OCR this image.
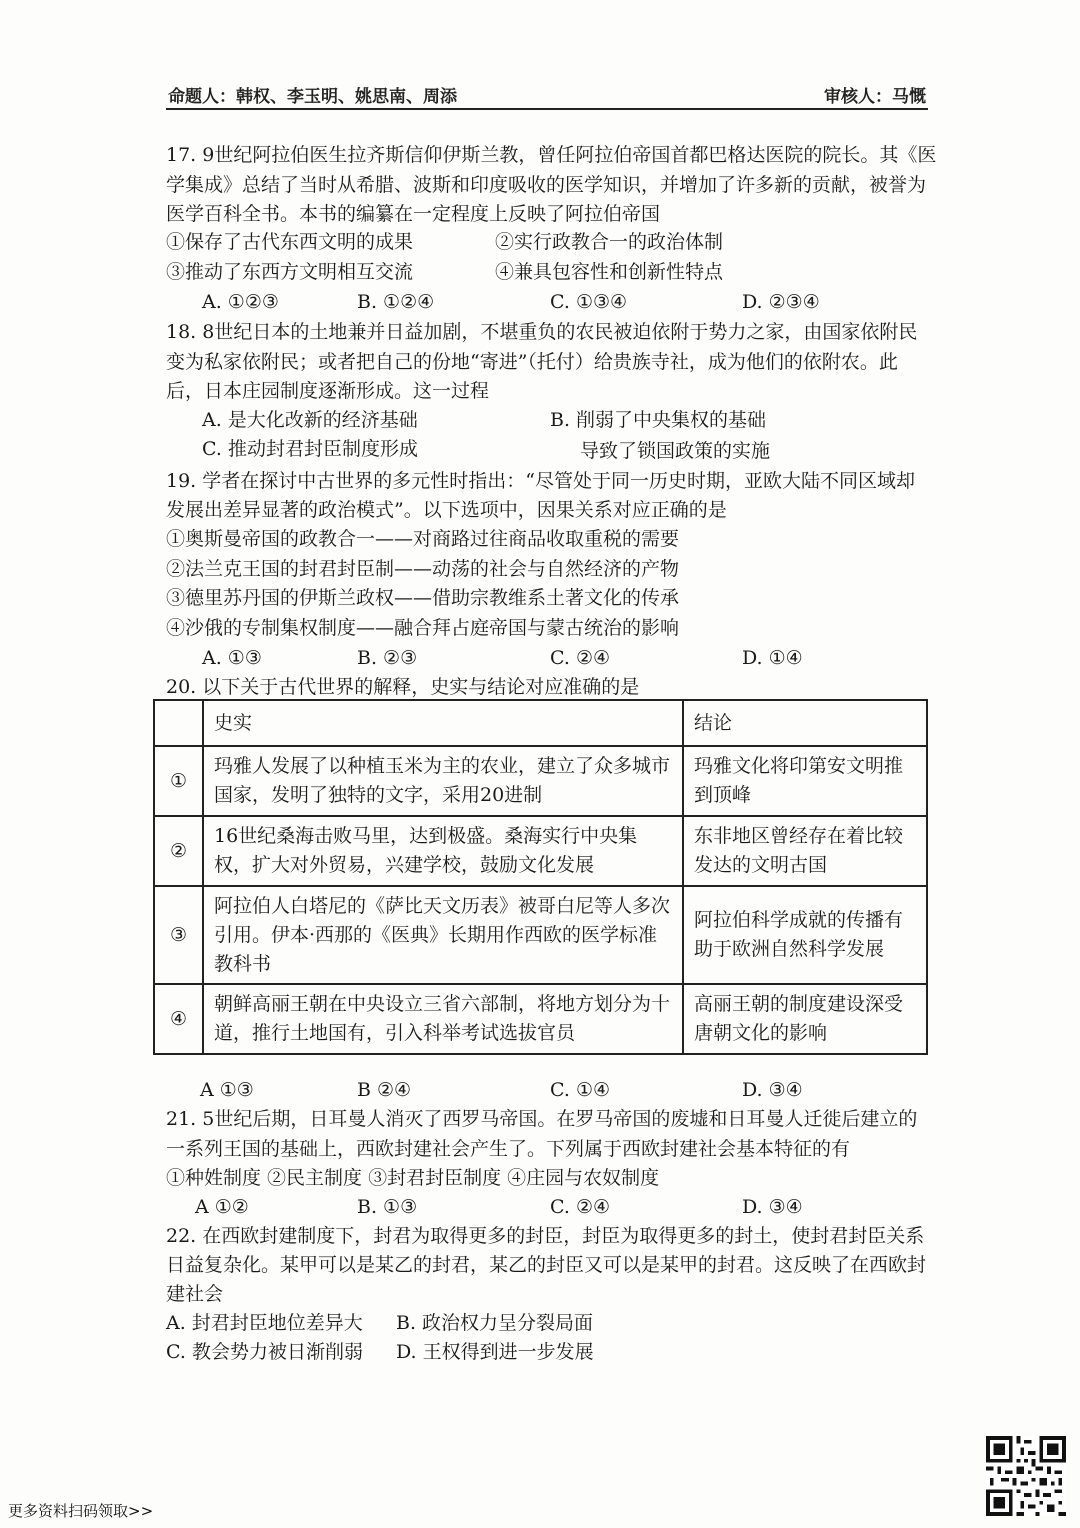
命题人：韩权、李玉明、姚思南、周添	审核人：马慨
17. 9世纪阿拉伯医生拉齐斯信仰伊斯兰教，曾任阿拉伯帝国首都巴格达医院的院长。其《医
学集成》总结了当时从希腊、波斯和印度吸收的医学知识，并增加了许多新的贡献，被誉为
医学百科全书。本书的编纂在一定程度上反映了阿拉伯帝国
①保存了古代东西文明的成果	②实行政教合一的政治体制
③推动了东西方文明相互交流	④兼具包容性和创新性特点
A. ①②③	B. ①②④	C. ①③④	D. ②③④
18. 8世纪日本的土地兼并日益加剧，不堪重负的农民被迫依附于势力之家，由国家依附民
变为私家依附民；或者把自己的份地“寄进”（托付）给贵族寺社，成为他们的依附农。此
后，日本庄园制度逐渐形成。这一过程
A. 是大化改新的经济基础	B. 削弱了中央集权的基础
C. 推动封君封臣制度形成	导致了锁国政策的实施
19. 学者在探讨中古世界的多元性时指出：“尽管处于同一历史时期，亚欧大陆不同区域却
发展出差异显著的政治模式”。以下选项中，因果关系对应正确的是
①奥斯曼帝国的政教合一——对商路过往商品收取重税的需要
②法兰克王国的封君封臣制——动荡的社会与自然经济的产物
③德里苏丹国的伊斯兰政权——借助宗教维系土著文化的传承
④沙俄的专制集权制度——融合拜占庭帝国与蒙古统治的影响
A. ①③	B. ②③	C. ②④	D. ①④
20. 以下关于古代世界的解释，史实与结论对应准确的是
	史实	结论
①	玛雅人发展了以种植玉米为主的农业，建立了众多城市国家，发明了独特的文字，采用20进制	玛雅文化将印第安文明推到顶峰
②	16世纪桑海击败马里，达到极盛。桑海实行中央集权，扩大对外贸易，兴建学校，鼓励文化发展	东非地区曾经存在着比较发达的文明古国
③	阿拉伯人白塔尼的《萨比天文历表》被哥白尼等人多次引用。伊本·西那的《医典》长期用作西欧的医学标准教科书	阿拉伯科学成就的传播有助于欧洲自然科学发展
④	朝鲜高丽王朝在中央设立三省六部制，将地方划分为十道，推行土地国有，引入科举考试选拔官员	高丽王朝的制度建设深受唐朝文化的影响
A ①③	B ②④	C. ①④	D. ③④
21. 5世纪后期，日耳曼人消灭了西罗马帝国。在罗马帝国的废墟和日耳曼人迁徙后建立的
一系列王国的基础上，西欧封建社会产生了。下列属于西欧封建社会基本特征的有
①种姓制度 ②民主制度 ③封君封臣制度 ④庄园与农奴制度
A ①②	B. ①③	C. ②④	D. ③④
22. 在西欧封建制度下，封君为取得更多的封臣，封臣为取得更多的封土，使封君封臣关系
日益复杂化。某甲可以是某乙的封君，某乙的封臣又可以是某甲的封君。这反映了在西欧封
建社会
A. 封君封臣地位差异大 B. 政治权力呈分裂局面
C. 教会势力被日渐削弱 D. 王权得到进一步发展
更多资料扫码领取>>
